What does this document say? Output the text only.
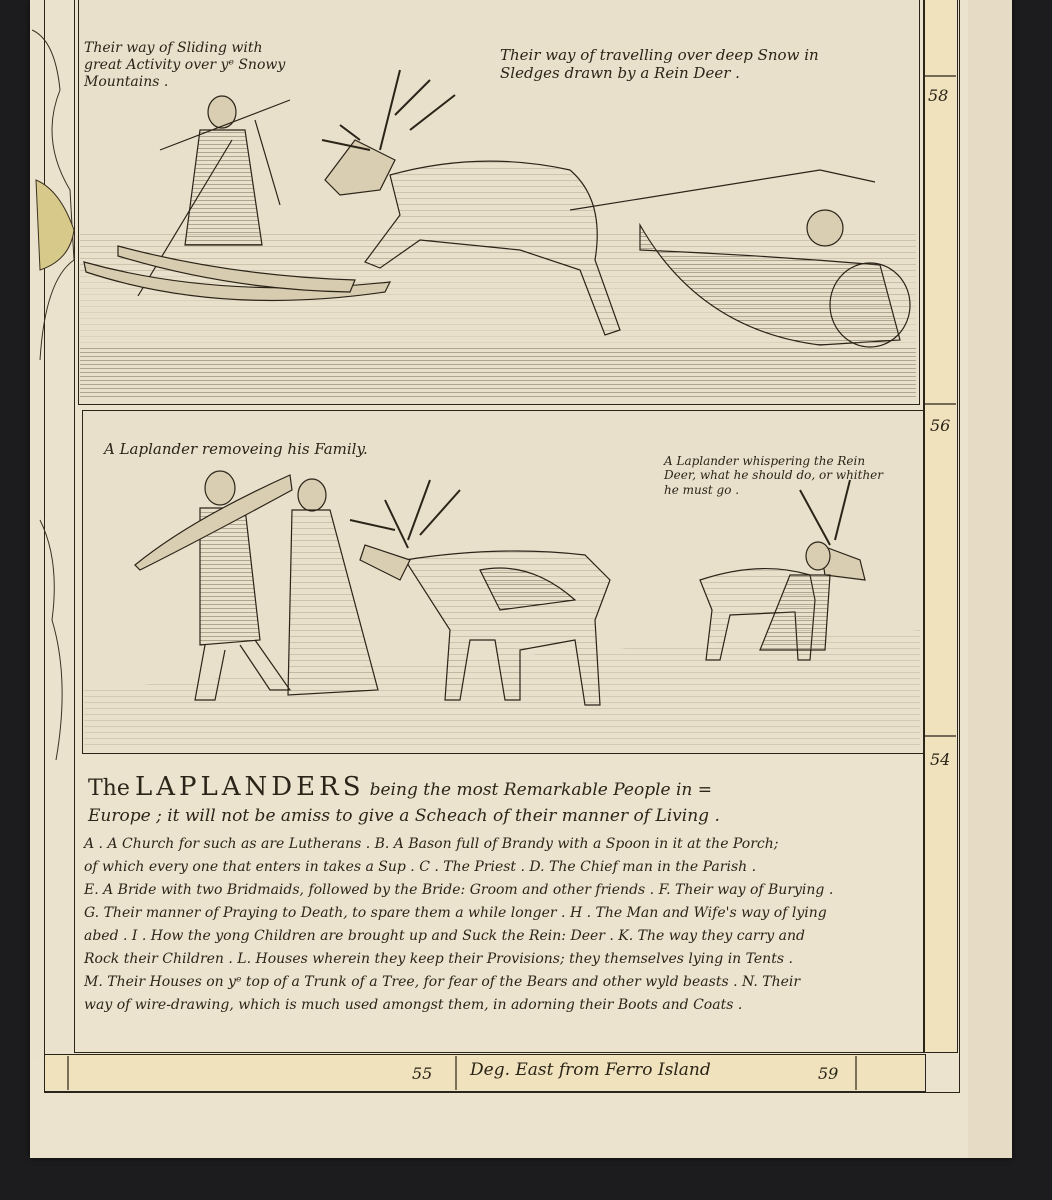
Their way of Sliding with
great Activity over yᵉ Snowy
Mountains .
Their way of travelling over deep Snow in
Sledges drawn by a Rein Deer .
A Laplander removeing his Family.
A Laplander whispering the Rein
Deer, what he should do, or whither
he must go .
58
56
54
The LAPLANDERS being the most Remarkable People in =
Europe ; it will not be amiss to give a Scheach of their manner of Living .
A . A Church for such as are Lutherans . B. A Bason full of Brandy with a Spoon in it at the Porch;
of which every one that enters in takes a Sup . C . The Priest . D. The Chief man in the Parish .
E. A Bride with two Bridmaids, followed by the Bride: Groom and other friends . F. Their way of Burying .
G. Their manner of Praying to Death, to spare them a while longer . H . The Man and Wife's way of lying
abed . I . How the yong Children are brought up and Suck the Rein: Deer . K. The way they carry and
Rock their Children . L. Houses wherein they keep their Provisions; they themselves lying in Tents .
M. Their Houses on yᵉ top of a Trunk of a Tree, for fear of the Bears and other wyld beasts . N. Their
way of wire-drawing, which is much used amongst them, in adorning their Boots and Coats .
55 Deg. East from Ferro Island	59
